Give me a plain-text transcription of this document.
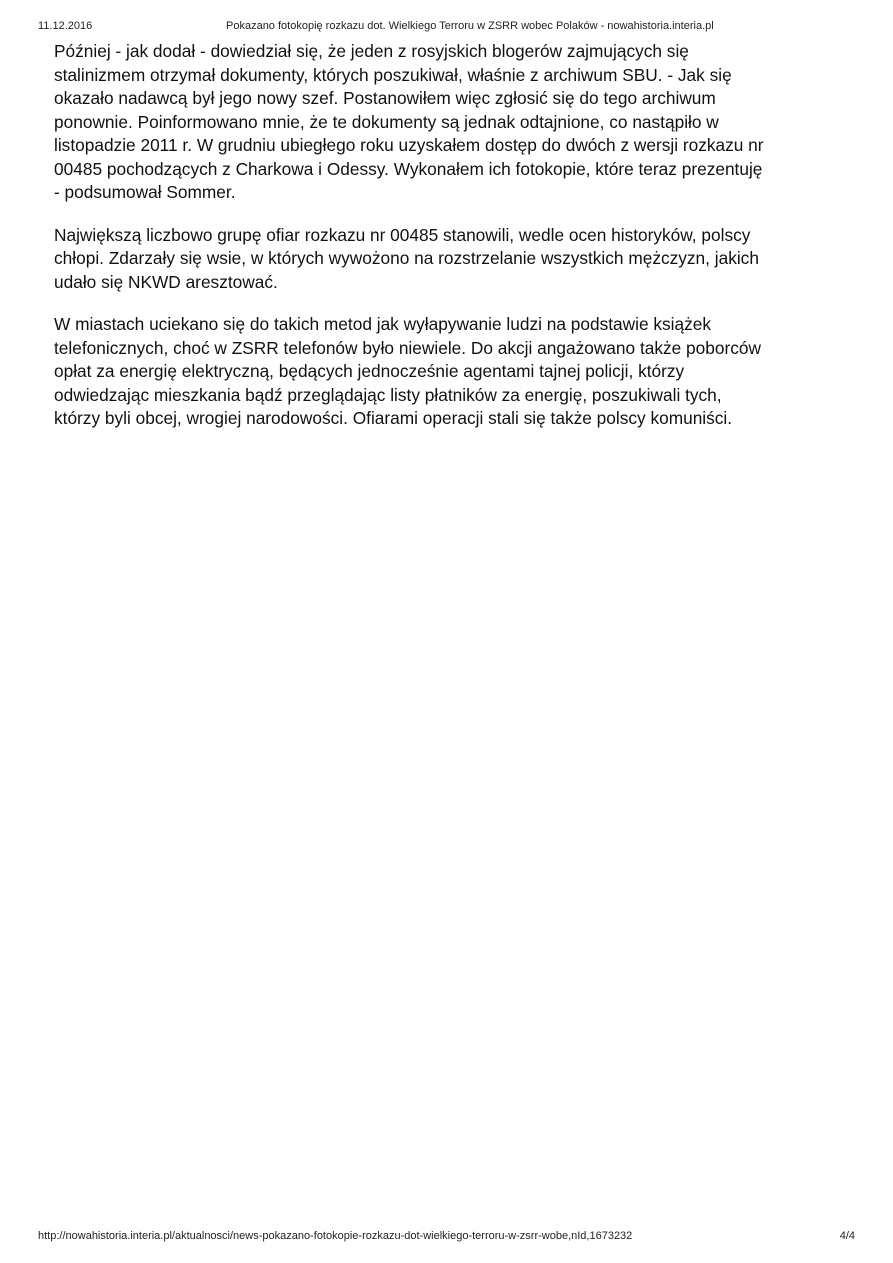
11.12.2016	Pokazano fotokopię rozkazu dot. Wielkiego Terroru w ZSRR wobec Polaków - nowahistoria.interia.pl

Później - jak dodał - dowiedział się, że jeden z rosyjskich blogerów zajmujących się stalinizmem otrzymał dokumenty, których poszukiwał, właśnie z archiwum SBU. - Jak się okazało nadawcą był jego nowy szef. Postanowiłem więc zgłosić się do tego archiwum ponownie. Poinformowano mnie, że te dokumenty są jednak odtajnione, co nastąpiło w listopadzie 2011 r. W grudniu ubiegłego roku uzyskałem dostęp do dwóch z wersji rozkazu nr 00485 pochodzących z Charkowa i Odessy. Wykonałem ich fotokopie, które teraz prezentuję - podsumował Sommer.

Największą liczbowo grupę ofiar rozkazu nr 00485 stanowili, wedle ocen historyków, polscy chłopi. Zdarzały się wsie, w których wywożono na rozstrzelanie wszystkich mężczyzn, jakich udało się NKWD aresztować.

W miastach uciekano się do takich metod jak wyłapywanie ludzi na podstawie książek telefonicznych, choć w ZSRR telefonów było niewiele. Do akcji angażowano także poborców opłat za energię elektryczną, będących jednocześnie agentami tajnej policji, którzy odwiedzając mieszkania bądź przeglądając listy płatników za energię, poszukiwali tych, którzy byli obcej, wrogiej narodowości. Ofiarami operacji stali się także polscy komuniści.

http://nowahistoria.interia.pl/aktualnosci/news-pokazano-fotokopie-rozkazu-dot-wielkiego-terroru-w-zsrr-wobe,nId,1673232	4/4
